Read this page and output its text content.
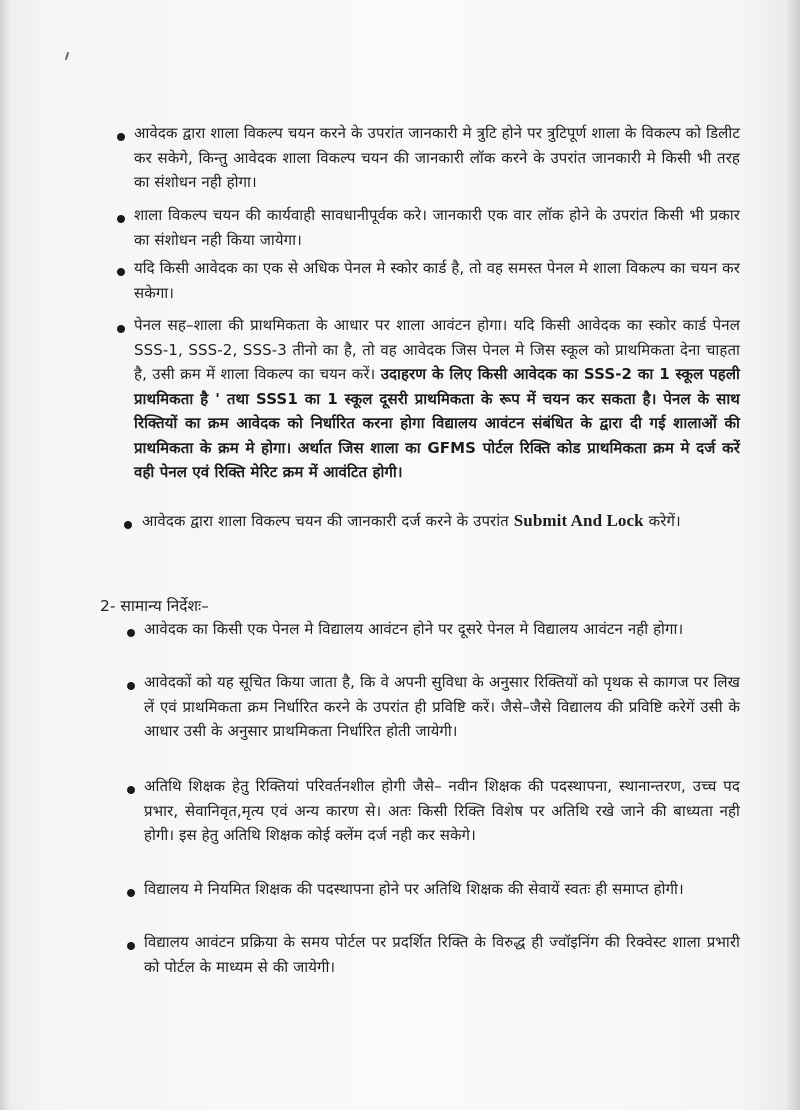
आवेदक द्वारा शाला विकल्प चयन करने के उपरांत जानकारी मे त्रुटि होने पर त्रुटिपूर्ण शाला के विकल्प को डिलीट कर सकेगे, किन्तु आवेदक शाला विकल्प चयन की जानकारी लॉक करने के उपरांत जानकारी मे किसी भी तरह का संशोधन नही होगा।
शाला विकल्प चयन की कार्यवाही सावधानीपूर्वक करे। जानकारी एक वार लॉक होने के उपरांत किसी भी प्रकार का संशोधन नही किया जायेगा।
यदि किसी आवेदक का एक से अधिक पेनल मे स्कोर कार्ड है, तो वह समस्त पेनल मे शाला विकल्प का चयन कर सकेगा।
पेनल सह–शाला की प्राथमिकता के आधार पर शाला आवंटन होगा। यदि किसी आवेदक का स्कोर कार्ड पेनल SSS-1, SSS-2, SSS-3 तीनो का है, तो वह आवेदक जिस पेनल मे जिस स्कूल को प्राथमिकता देना चाहता है, उसी क्रम में शाला विकल्प का चयन करें। उदाहरण के लिए किसी आवेदक का SSS-2 का 1 स्कूल पहली प्राथमिकता है ' तथा SSS1 का 1 स्कूल दूसरी प्राथमिकता के रूप में चयन कर सकता है। पेनल के साथ रिक्तियों का क्रम आवेदक को निर्धारित करना होगा विद्यालय आवंटन संबंधित के द्वारा दी गई शालाओं की प्राथमिकता के क्रम मे होगा। अर्थात जिस शाला का GFMS पोर्टल रिक्ति कोड प्राथमिकता क्रम मे दर्ज करें वही पेनल एवं रिक्ति मेरिट क्रम में आवंटित होगी।
आवेदक द्वारा शाला विकल्प चयन की जानकारी दर्ज करने के उपरांत Submit And Lock करेगें।
2- सामान्य निर्देशः–
आवेदक का किसी एक पेनल मे विद्यालय आवंटन होने पर दूसरे पेनल मे विद्यालय आवंटन नही होगा।
आवेदकों को यह सूचित किया जाता है, कि वे अपनी सुविधा के अनुसार रिक्तियों को पृथक से कागज पर लिख लें एवं प्राथमिकता क्रम निर्धारित करने के उपरांत ही प्रविष्टि करें। जैसे–जैसे विद्यालय की प्रविष्टि करेगें उसी के आधार उसी के अनुसार प्राथमिकता निर्धारित होती जायेगी।
अतिथि शिक्षक हेतु रिक्तियां परिवर्तनशील होगी जैसे– नवीन शिक्षक की पदस्थापना, स्थानान्तरण, उच्च पद प्रभार, सेवानिवृत,मृत्य एवं अन्य कारण से। अतः किसी रिक्ति विशेष पर अतिथि रखे जाने की बाध्यता नही होगी। इस हेतु अतिथि शिक्षक कोई क्लेंम दर्ज नही कर सकेगे।
विद्यालय मे नियमित शिक्षक की पदस्थापना होने पर अतिथि शिक्षक की सेवायें स्वतः ही समाप्त होगी।
विद्यालय आवंटन प्रक्रिया के समय पोर्टल पर प्रदर्शित रिक्ति के विरुद्ध ही ज्वॉइनिंग की रिक्वेस्ट शाला प्रभारी को पोर्टल के माध्यम से की जायेगी।
